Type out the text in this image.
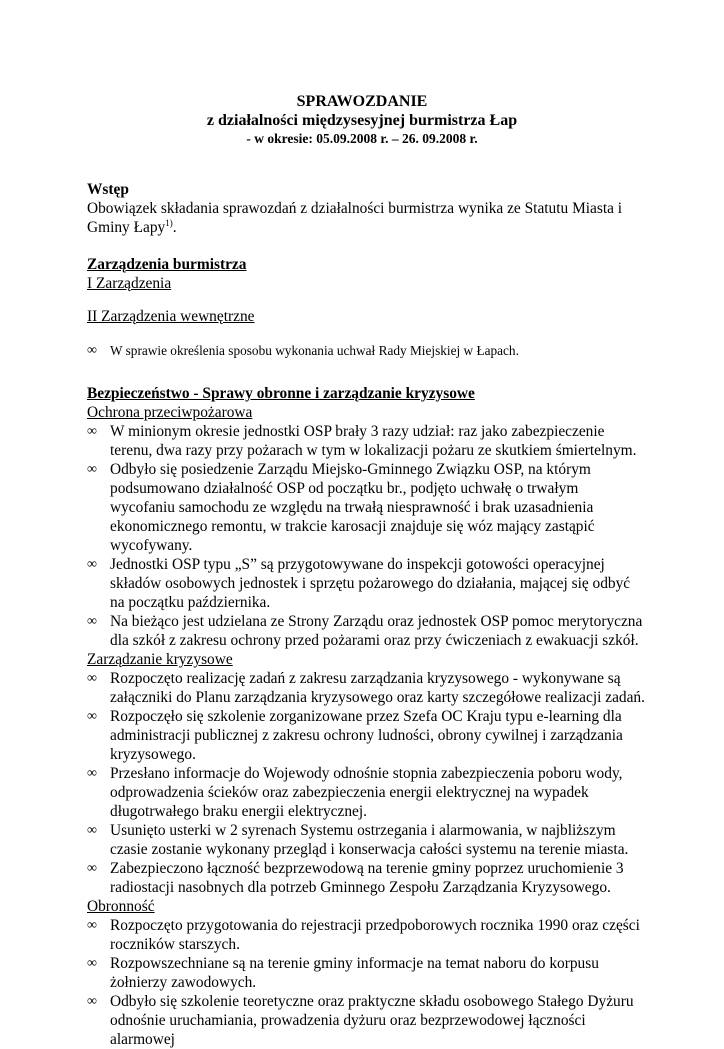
SPRAWOZDANIE
z działalności międzysesyjnej burmistrza Łap
- w okresie: 05.09.2008 r. – 26. 09.2008 r.
Wstęp

Obowiązek składania sprawozdań z działalności burmistrza wynika ze Statutu Miasta i Gminy Łapy$^{1)}$.

Zarządzenia burmistrza
I Zarządzenia
II Zarządzenia wewnętrzne
∞ W sprawie określenia sposobu wykonania uchwał Rady Miejskiej w Łapach.
Bezpieczeństwo - Sprawy obronne i zarządzanie kryzysowe
Ochrona przeciwpożarowa
∞ W minionym okresie jednostki OSP brały 3 razy udział: raz jako zabezpieczenie terenu, dwa razy przy pożarach w tym w lokalizacji pożaru ze skutkiem śmiertelnym.
∞ Odbyło się posiedzenie Zarządu Miejsko-Gminnego Związku OSP, na którym podsumowano działalność OSP od początku br., podjęto uchwałę o trwałym wycofaniu samochodu ze względu na trwałą niesprawność i brak uzasadnienia ekonomicznego remontu, w trakcie karosacji znajduje się wóz mający zastąpić wycofywany.
∞ Jednostki OSP typu „S” są przygotowywane do inspekcji gotowości operacyjnej składów osobowych jednostek i sprzętu pożarowego do działania, mającej się odbyć na początku października.
∞ Na bieżąco jest udzielana ze Strony Zarządu oraz jednostek OSP pomoc merytoryczna dla szkół z zakresu ochrony przed pożarami oraz przy ćwiczeniach z ewakuacji szkół.
Zarządzanie kryzysowe
∞ Rozpoczęto realizację zadań z zakresu zarządzania kryzysowego - wykonywane są załączniki do Planu zarządzania kryzysowego oraz karty szczegółowe realizacji zadań.
∞ Rozpoczęło się szkolenie zorganizowane przez Szefa OC Kraju typu e-learning dla administracji publicznej z zakresu ochrony ludności, obrony cywilnej i zarządzania kryzysowego.
∞ Przesłano informacje do Wojewody odnośnie stopnia zabezpieczenia poboru wody, odprowadzenia ścieków oraz zabezpieczenia energii elektrycznej na wypadek długotrwałego braku energii elektrycznej.
∞ Usunięto usterki w 2 syrenach Systemu ostrzegania i alarmowania, w najbliższym czasie zostanie wykonany przegląd i konserwacja całości systemu na terenie miasta.
∞ Zabezpieczono łączność bezprzewodową na terenie gminy poprzez uruchomienie 3 radiostacji nasobnych dla potrzeb Gminnego Zespołu Zarządzania Kryzysowego.
Obronność
∞ Rozpoczęto przygotowania do rejestracji przedpoborowych rocznika 1990 oraz części roczników starszych.
∞ Rozpowszechniane są na terenie gminy informacje na temat naboru do korpusu żołnierzy zawodowych.
∞ Odbyło się szkolenie teoretyczne oraz praktyczne składu osobowego Stałego Dyżuru odnośnie uruchamiania, prowadzenia dyżuru oraz bezprzewodowej łączności alarmowej
